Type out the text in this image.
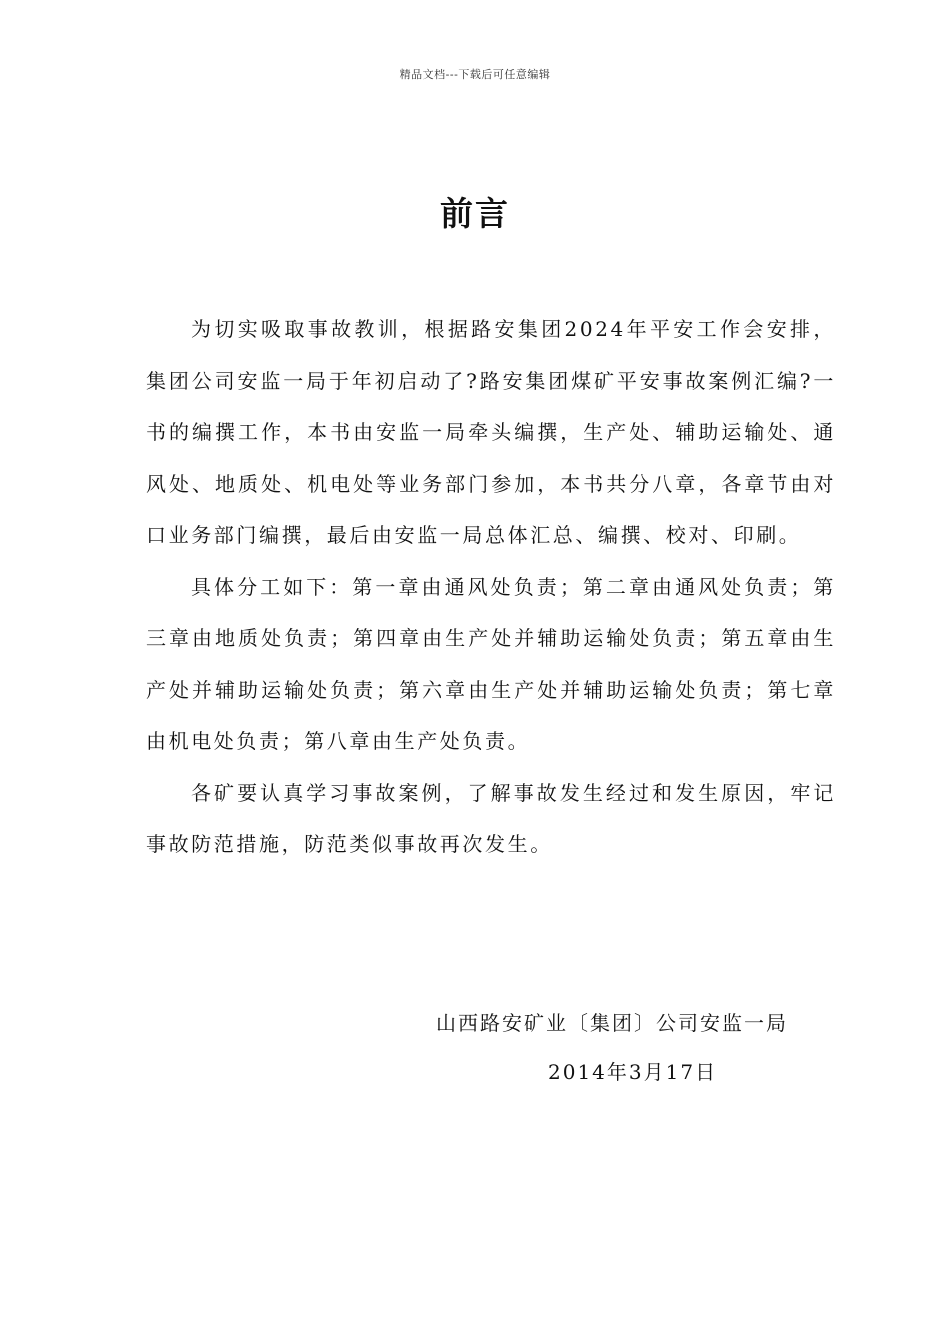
精品文档---下载后可任意编辑
前言

为切实吸取事故教训，根据路安集团2024年平安工作会安排，集团公司安监一局于年初启动了?路安集团煤矿平安事故案例汇编?一书的编撰工作，本书由安监一局牵头编撰，生产处、辅助运输处、通风处、地质处、机电处等业务部门参加，本书共分八章，各章节由对口业务部门编撰，最后由安监一局总体汇总、编撰、校对、印刷。

具体分工如下：第一章由通风处负责；第二章由通风处负责；第三章由地质处负责；第四章由生产处并辅助运输处负责；第五章由生产处并辅助运输处负责；第六章由生产处并辅助运输处负责；第七章由机电处负责；第八章由生产处负责。

各矿要认真学习事故案例，了解事故发生经过和发生原因，牢记事故防范措施，防范类似事故再次发生。

山西路安矿业〔集团〕公司安监一局
2014年3月17日
